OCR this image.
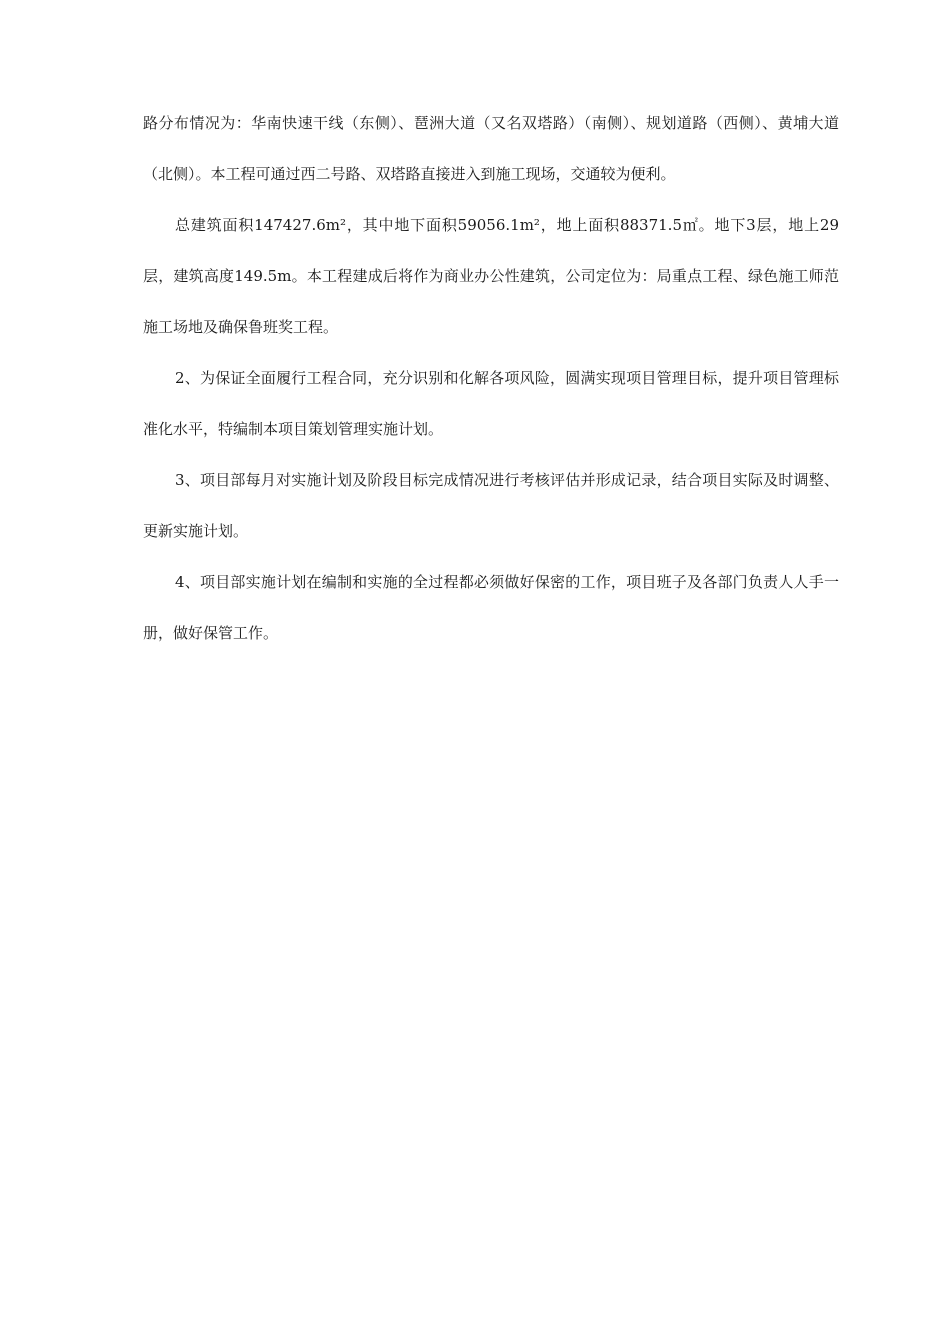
路分布情况为：华南快速干线（东侧）、琶洲大道（又名双塔路）（南侧）、规划道路（西侧）、黄埔大道（北侧）。本工程可通过西二号路、双塔路直接进入到施工现场，交通较为便利。

总建筑面积147427.6m²，其中地下面积59056.1m²，地上面积88371.5㎡。地下3层，地上29层，建筑高度149.5m。本工程建成后将作为商业办公性建筑，公司定位为：局重点工程、绿色施工师范施工场地及确保鲁班奖工程。

2、为保证全面履行工程合同，充分识别和化解各项风险，圆满实现项目管理目标，提升项目管理标准化水平，特编制本项目策划管理实施计划。

3、项目部每月对实施计划及阶段目标完成情况进行考核评估并形成记录，结合项目实际及时调整、更新实施计划。

4、项目部实施计划在编制和实施的全过程都必须做好保密的工作，项目班子及各部门负责人人手一册，做好保管工作。
